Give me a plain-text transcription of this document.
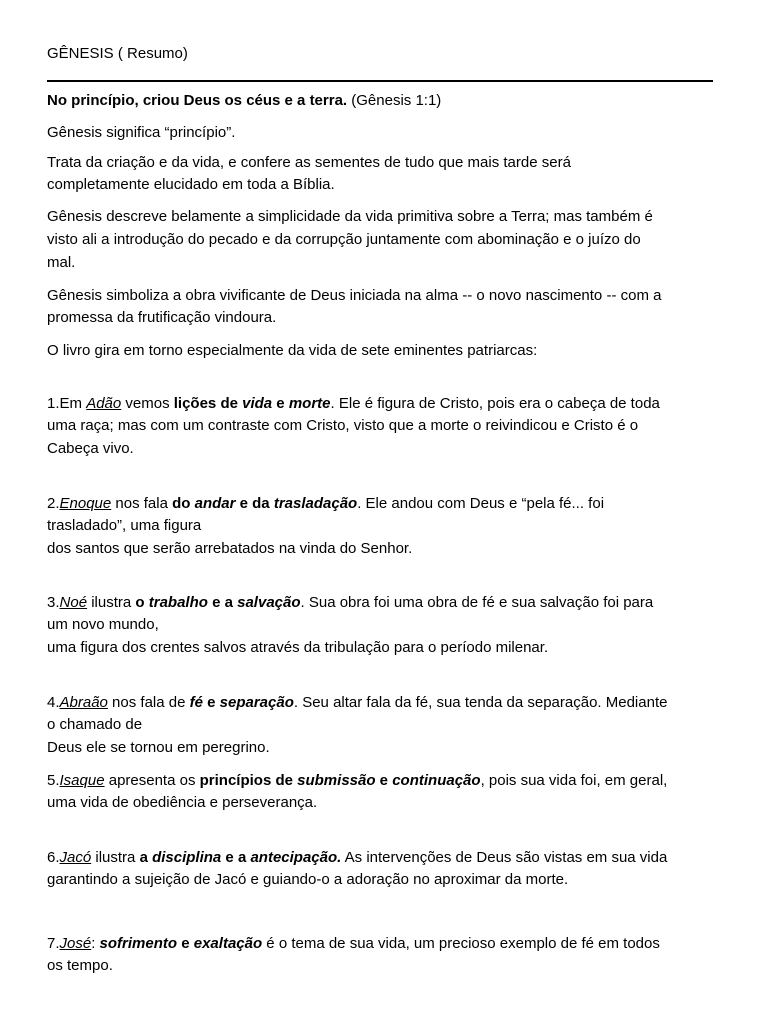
GÊNESIS ( Resumo)
No princípio, criou Deus os céus e a terra. (Gênesis 1:1)
Gênesis significa “princípio”.
Trata da criação e da vida, e confere as sementes de tudo que mais tarde será
completamente elucidado em toda a Bíblia.
Gênesis descreve belamente a simplicidade da vida primitiva sobre a Terra; mas também é
visto ali a introdução do pecado e da corrupção juntamente com abominação e o juízo do
mal.
Gênesis simboliza a obra vivificante de Deus iniciada na alma -- o novo nascimento -- com a
promessa da frutificação vindoura.
O livro gira em torno especialmente da vida de sete eminentes patriarcas:
1.Em Adão vemos lições de vida e morte. Ele é figura de Cristo, pois era o cabeça de toda
uma raça; mas com um contraste com Cristo, visto que a morte o reivindicou e Cristo é o
Cabeça vivo.
2.Enoque nos fala do andar e da trasladação. Ele andou com Deus e “pela fé... foi
trasladado”, uma figura
dos santos que serão arrebatados na vinda do Senhor.
3.Noé ilustra o trabalho e a salvação. Sua obra foi uma obra de fé e sua salvação foi para
um novo mundo,
uma figura dos crentes salvos através da tribulação para o período milenar.
4.Abraão nos fala de fé e separação. Seu altar fala da fé, sua tenda da separação. Mediante
o chamado de
Deus ele se tornou em peregrino.
5.Isaque apresenta os princípios de submissão e continuação, pois sua vida foi, em geral,
uma vida de obediência e perseverança.
6.Jacó ilustra a disciplina e a antecipação. As intervenções de Deus são vistas em sua vida
garantindo a sujeição de Jacó e guiando-o a adoração no aproximar da morte.
7.José: sofrimento e exaltação é o tema de sua vida, um precioso exemplo de fé em todos
os tempo.
